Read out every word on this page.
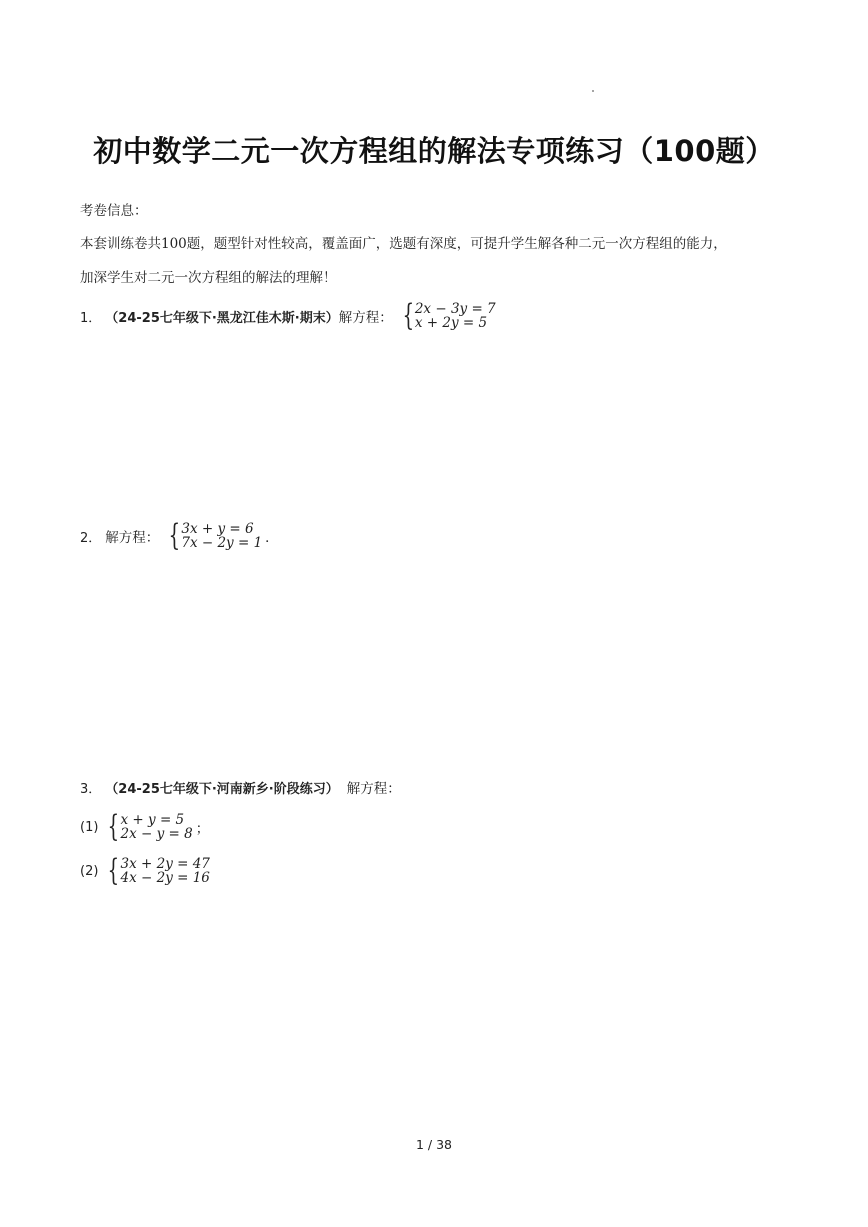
初中数学二元一次方程组的解法专项练习（100题）
考卷信息：
本套训练卷共100题，题型针对性较高，覆盖面广，选题有深度，可提升学生解各种二元一次方程组的能力，
加深学生对二元一次方程组的解法的理解！
1． （24-25七年级下·黑龙江佳木斯·期末） 解方程： { 2x − 3y = 7
x + 2y = 5
2． 解方程： { 3x + y = 6
7x − 2y = 1 ．
3． （24-25七年级下·河南新乡·阶段练习） 解方程：
(1) { x + y = 5
2x − y = 8 ；
(2) { 3x + 2y = 47
4x − 2y = 16
1 / 38
